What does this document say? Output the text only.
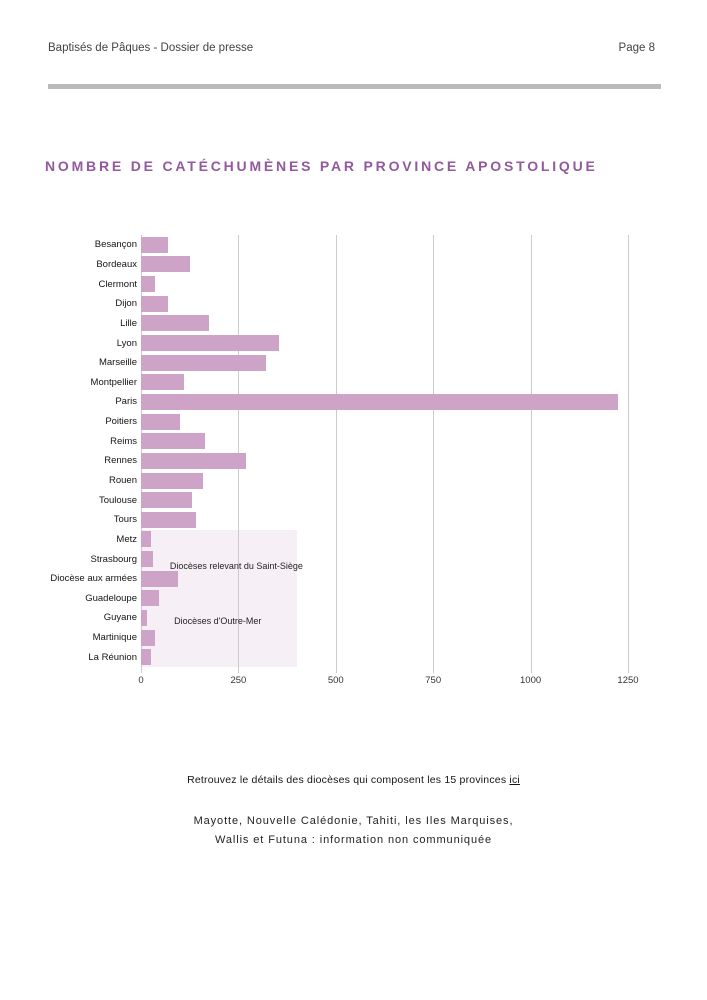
Baptisés de Pâques - Dossier de presse	Page 8
NOMBRE DE CATÉCHUMÈNES PAR PROVINCE APOSTOLIQUE
0	250	500	750	1000	1250
Besançon
Bordeaux
Clermont
Dijon
Lille
Lyon
Marseille
Montpellier
Paris
Poitiers
Reims
Rennes
Rouen
Toulouse
Tours
Metz
Strasbourg
Diocèse aux armées
Guadeloupe
Guyane
Martinique
La Réunion
Diocèses relevant du Saint-Siège
Diocèses d'Outre-Mer

Retrouvez le détails des diocèses qui composent les 15 provinces ici

Mayotte, Nouvelle Calédonie, Tahiti, les Iles Marquises,
Wallis et Futuna : information non communiquée
